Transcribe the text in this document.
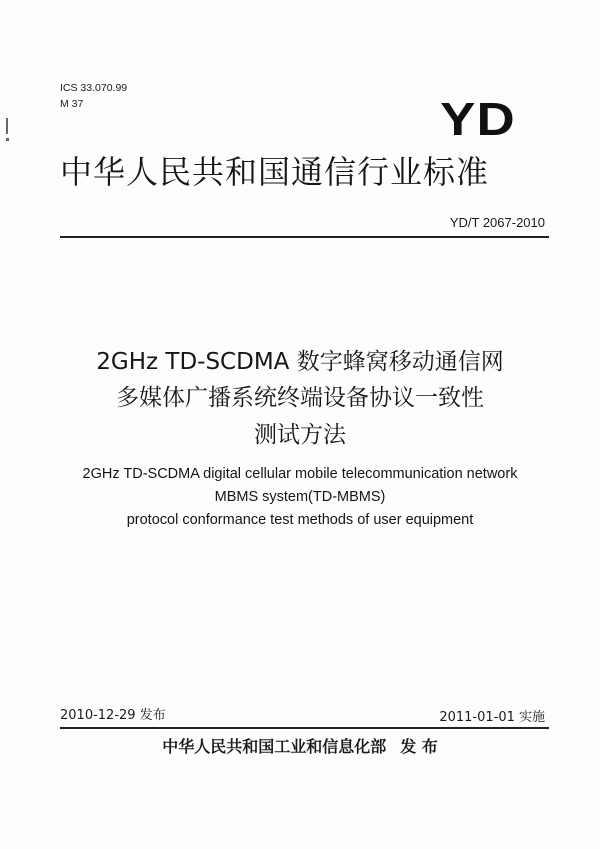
ICS 33.070.99
M 37	YD
中华人民共和国通信行业标准
YD/T 2067-2010
2GHz TD-SCDMA 数字蜂窝移动通信网
多媒体广播系统终端设备协议一致性
测试方法
2GHz TD-SCDMA digital cellular mobile telecommunication network
MBMS system(TD-MBMS)
protocol conformance test methods of user equipment
2010-12-29 发布	2011-01-01 实施
中华人民共和国工业和信息化部 发 布
